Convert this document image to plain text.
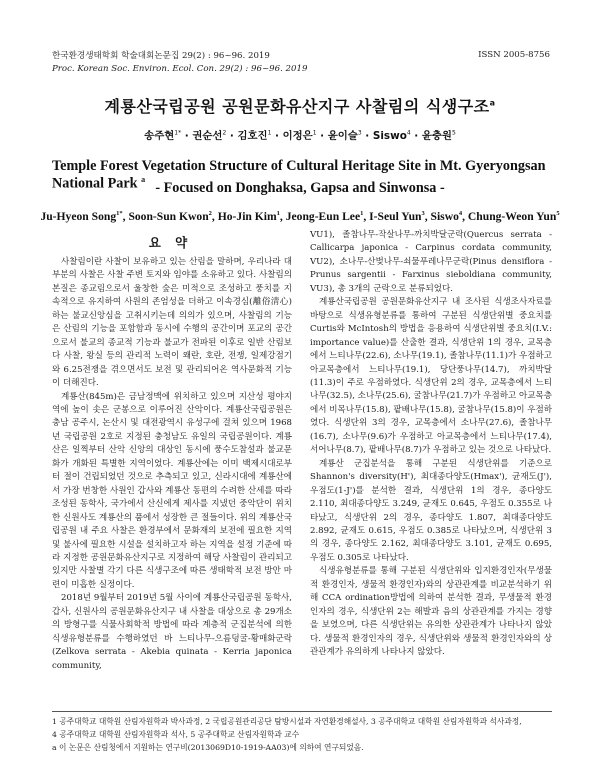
한국환경생태학회 학술대회논문집 29(2) : 96~96. 2019
Proc. Korean Soc. Environ. Ecol. Con. 29(2) : 96~96. 2019
ISSN 2005-8756
계룡산국립공원 공원문화유산지구 사찰림의 식생구조$^a$
송주현$^{1*}$ · 권순선$^2$ · 김호진$^1$ · 이정은$^1$ · 윤이슬$^3$ · Siswo$^4$ · 윤충원$^5$
Temple Forest Vegetation Structure of Cultural Heritage Site in Mt. Gyeryongsan National Park $^a$
- Focused on Donghaksa, Gapsa and Sinwonsa -
Ju-Hyeon Song$^{1*}$, Soon-Sun Kwon$^2$, Ho-Jin Kim$^1$, Jeong-Eun Lee$^1$, I-Seul Yun$^3$, Siswo$^4$, Chung-Weon Yun$^5$
요 약

사찰림이란 사찰이 보유하고 있는 산림을 말하며, 우리나라 대부분의 사찰은 사찰 주변 토지와 임야를 소유하고 있다. 사찰림의 본질은 종교림으로서 울창한 숲은 미적으로 조성하고 풍치를 지속적으로 유지하여 사원의 존엄성을 더하고 이속경심(離俗淸心)하는 불교신앙심을 고취시키는데 의의가 있으며, 사찰림의 기능은 산림의 기능을 포함함과 동시에 수행의 공간이며 포교의 공간으로서 불교의 종교적 기능과 불교가 전파된 이후로 일반 산림보다 사찰, 왕실 등의 관리적 노력이 왜란, 호란, 전쟁, 일제강점기와 6.25전쟁을 겪으면서도 보전 및 관리되어온 역사문화적 기능이 더해진다.

계룡산(845m)은 금남정맥에 위치하고 있으며 지산성 평야지역에 높이 솟은 군봉으로 이루어진 산악이다. 계룡산국립공원은 충남 공주시, 논산시 및 대전광역시 유성구에 걸쳐 있으며 1968년 국립공원 2호로 지정된 충청남도 유일의 국립공원이다. 계룡산은 일찍부터 산악 신앙의 대상인 동시에 풍수도참설과 불교문화가 개화된 특별한 지역이었다. 계룡산에는 이미 백제시대로부터 절이 건립되었던 것으로 추측되고 있고, 신라시대에 계룡산에서 가장 번창한 사원인 갑사와 계룡산 동편의 수려한 산세를 따라 조성된 동학사, 국가에서 산신에게 제사를 지냈던 중악단이 위치한 신원사도 계룡산의 품에서 성장한 큰 절들이다. 위의 계룡산국립공원 내 주요 사찰은 환경부에서 문화재의 보전에 필요한 지역 및 불사에 필요한 시설을 설치하고자 하는 지역을 설정 기준에 따라 지정한 공원문화유산지구로 지정하여 해당 사찰림이 관리되고 있지만 사찰별 각기 다른 식생구조에 따른 생태학적 보전 방안 마련이 미흡한 실정이다.

2018년 9월부터 2019년 5월 사이에 계룡산국립공원 동학사, 갑사, 신원사의 공원문화유산지구 내 사찰을 대상으로 총 29개소의 방형구를 식물사회학적 방법에 따라 계층적 군집분석에 의한 식생유형분류를 수행하였던 바 느티나무-으름덩굴-황매화군락(Zelkova serrata - Akebia quinata - Kerria japonica community,

VU1), 졸참나무-작살나무-까치박달군락(Quercus serrata - Callicarpa japonica - Carpinus cordata community, VU2), 소나무-산벚나무-쇠물푸레나무군락(Pinus densiflora - Prunus sargentii - Farxinus sieboldiana community, VU3), 총 3개의 군락으로 분류되었다.

계룡산국립공원 공원문화유산지구 내 조사된 식생조사자료를 바탕으로 식생유형분류를 통하여 구분된 식생단위별 중요치를 Curtis와 McIntosh의 방법을 응용하여 식생단위별 중요치(I.V.: importance value)를 산출한 결과, 식생단위 1의 경우, 교목층에서 느티나무(22.6), 소나무(19.1), 졸참나무(11.1)가 우점하고 아교목층에서 느티나무(19.1), 당단풍나무(14.7), 까치박달(11.3)이 주로 우점하였다. 식생단위 2의 경우, 교목층에서 느티나무(32.5), 소나무(25.6), 굴참나무(21.7)가 우점하고 아교목층에서 비목나무(15.8), 팥배나무(15.8), 굴참나무(15.8)이 우점하였다. 식생단위 3의 경우, 교목층에서 소나무(27.6), 졸참나무(16.7), 소나무(9.6)가 우점하고 아교목층에서 느티나무(17.4), 서어나무(8.7), 팥배나무(8.7)가 우점하고 있는 것으로 나타났다.

계룡산 군집분석을 통해 구분된 식생단위를 기준으로 Shannon's diversity(H'), 최대종다양도(Hmax'), 균재도(J'), 우점도(1-J')를 분석한 결과, 식생단위 1의 경우, 종다양도 2.110, 최대종다양도 3.249, 균재도 0.645, 우점도 0.355로 나타났고, 식생단위 2의 경우, 종다양도 1.807, 최대종다양도 2.892, 균재도 0.615, 우점도 0.385로 나타났으며, 식생단위 3의 경우, 종다양도 2.162, 최대종다양도 3.101, 균재도 0.695, 우점도 0.305로 나타났다.

식생유형분류를 통해 구분된 식생단위와 입지환경인자(무생물적 환경인자, 생물적 환경인자)와의 상관관계를 비교분석하기 위해 CCA ordination방법에 의하여 분석한 결과, 무생물적 환경인자의 경우, 식생단위 2는 해발과 음의 상관관계를 가지는 경향을 보였으며, 다른 식생단위는 유의한 상관관계가 나타나지 않았다. 생물적 환경인자의 경우, 식생단위와 생물적 환경인자와의 상관관계가 유의하게 나타나지 않았다.

1 공주대학교 대학원 산림자원학과 박사과정, 2 국립공원관리공단 탐방시설과 자연환경해설사, 3 공주대학교 대학원 산림자원학과 석사과정,
4 공주대학교 대학원 산림자원학과 석사, 5 공주대학교 산림자원학과 교수
a 이 논문은 산림청에서 지원하는 연구비(2013069D10-1919-AA03)에 의하여 연구되었음.
